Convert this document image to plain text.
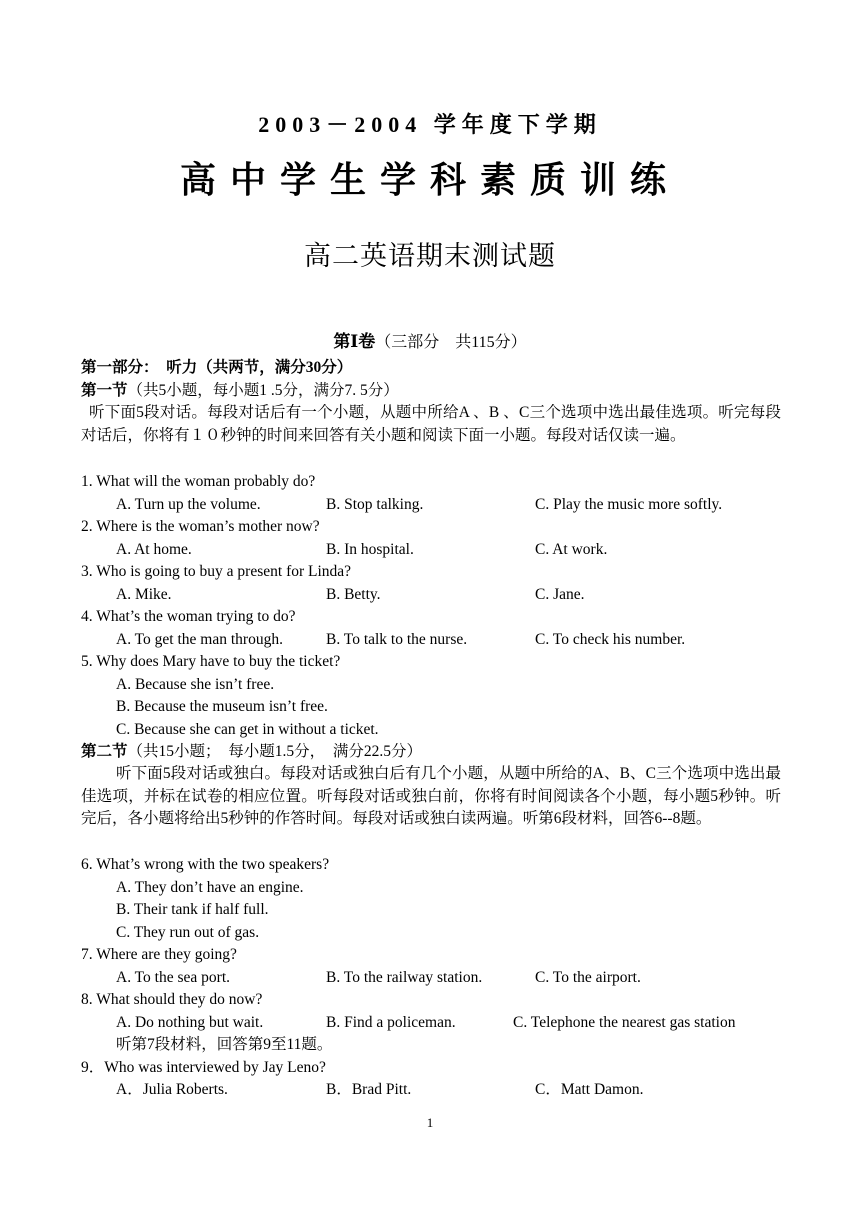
2003－2004 学年度下学期
高中学生学科素质训练
高二英语期末测试题
第Ⅰ卷（三部分　共115分）
第一部分：　听力（共两节，满分30分）
第一节（共5小题，每小题1 .5分，满分7. 5分）
听下面5段对话。每段对话后有一个小题，从题中所给A 、B 、C三个选项中选出最佳选项。听完每段对话后，你将有１０秒钟的时间来回答有关小题和阅读下面一小题。每段对话仅读一遍。
1. What will the woman probably do?
A. Turn up the volume.	B. Stop talking.	C. Play the music more softly.
2. Where is the woman’s mother now?
A. At home.	B. In hospital.	C. At work.
3. Who is going to buy a present for Linda?
A. Mike.	B. Betty.	C. Jane.
4. What’s the woman trying to do?
A. To get the man through.	B. To talk to the nurse.	C. To check his number.
5. Why does Mary have to buy the ticket?
A. Because she isn’t free.
B. Because the museum isn’t free.
C. Because she can get in without a ticket.
第二节（共15小题；　每小题1.5分，　满分22.5分）
听下面5段对话或独白。每段对话或独白后有几个小题，从题中所给的A、B、C三个选项中选出最佳选项，并标在试卷的相应位置。听每段对话或独白前，你将有时间阅读各个小题，每小题5秒钟。听完后，各小题将给出5秒钟的作答时间。每段对话或独白读两遍。听第6段材料，回答6--8题。
6. What’s wrong with the two speakers?
A. They don’t have an engine.
B. Their tank if half full.
C. They run out of gas.
7. Where are they going?
A. To the sea port.	B. To the railway station.	C. To the airport.
8. What should they do now?
A. Do nothing but wait.	B. Find a policeman.	C. Telephone the nearest gas station
听第7段材料，回答第9至11题。
9．Who was interviewed by Jay Leno?
A．Julia Roberts.	B．Brad Pitt.	C．Matt Damon.
1
